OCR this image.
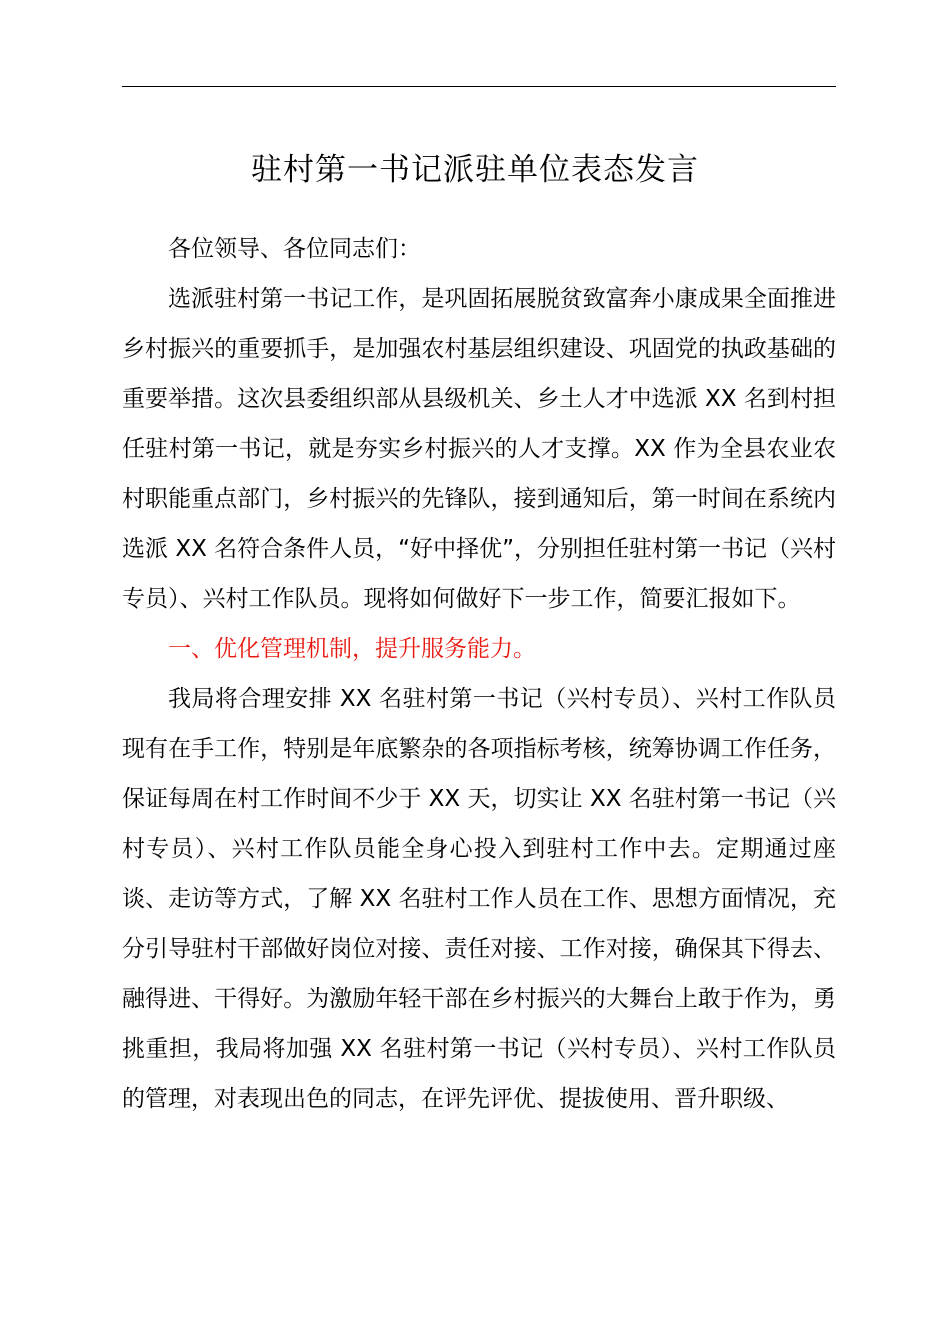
驻村第一书记派驻单位表态发言

各位领导、各位同志们：

选派驻村第一书记工作，是巩固拓展脱贫致富奔小康成果全面推进乡村振兴的重要抓手，是加强农村基层组织建设、巩固党的执政基础的重要举措。这次县委组织部从县级机关、乡土人才中选派 XX 名到村担任驻村第一书记，就是夯实乡村振兴的人才支撑。XX 作为全县农业农村职能重点部门，乡村振兴的先锋队，接到通知后，第一时间在系统内选派 XX 名符合条件人员，“好中择优”，分别担任驻村第一书记（兴村专员）、兴村工作队员。现将如何做好下一步工作，简要汇报如下。

一、优化管理机制，提升服务能力。

我局将合理安排 XX 名驻村第一书记（兴村专员）、兴村工作队员现有在手工作，特别是年底繁杂的各项指标考核，统筹协调工作任务，保证每周在村工作时间不少于 XX 天，切实让 XX 名驻村第一书记（兴村专员）、兴村工作队员能全身心投入到驻村工作中去。定期通过座谈、走访等方式，了解 XX 名驻村工作人员在工作、思想方面情况，充分引导驻村干部做好岗位对接、责任对接、工作对接，确保其下得去、融得进、干得好。为激励年轻干部在乡村振兴的大舞台上敢于作为，勇挑重担，我局将加强 XX 名驻村第一书记（兴村专员）、兴村工作队员的管理，对表现出色的同志，在评先评优、提拔使用、晋升职级、
